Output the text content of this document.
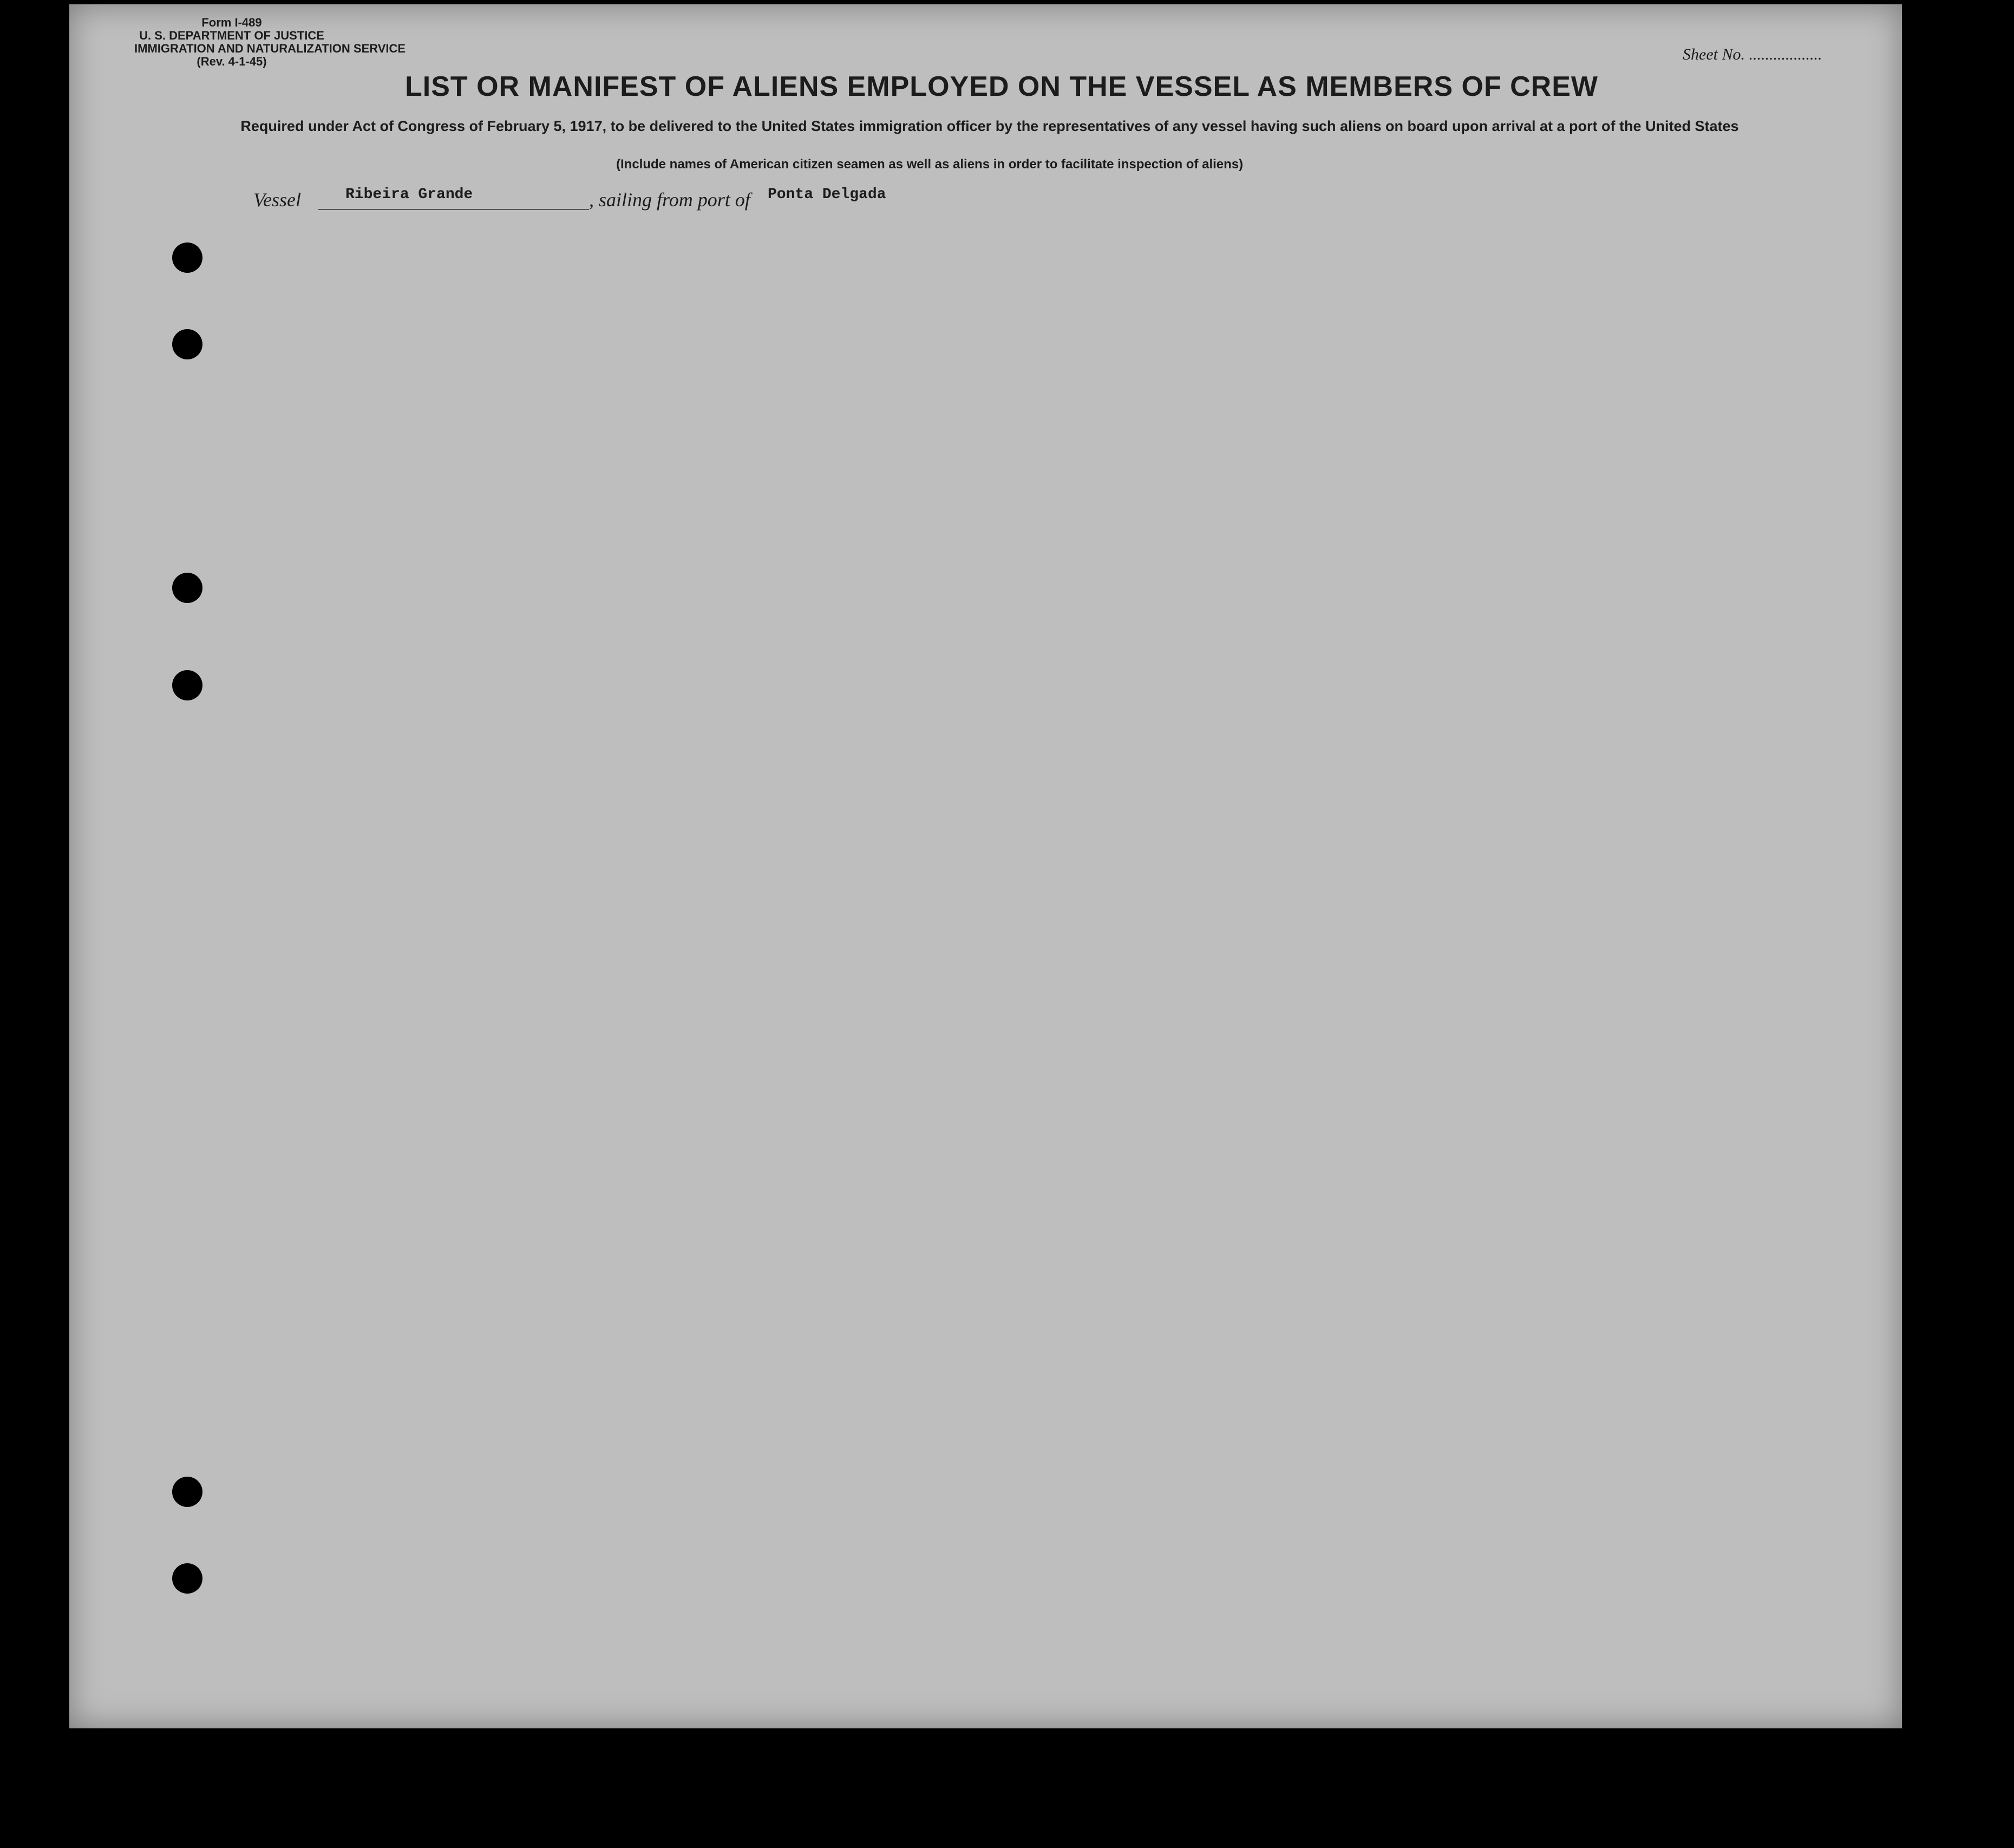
Form I-489
U. S. DEPARTMENT OF JUSTICE
IMMIGRATION AND NATURALIZATION SERVICE
(Rev. 4-1-45)	Sheet No. ..................
LIST OR MANIFEST OF ALIENS EMPLOYED ON THE VESSEL AS MEMBERS OF CREW
Required under Act of Congress of February 5, 1917, to be delivered to the United States immigration officer by the representatives of any vessel having such aliens on board upon arrival at a port of the United States
(Include names of American citizen seamen as well as aliens in order to facilitate inspection of aliens)
Vessel	Ribeira Grande	, sailing from port of Ponta Delgada
